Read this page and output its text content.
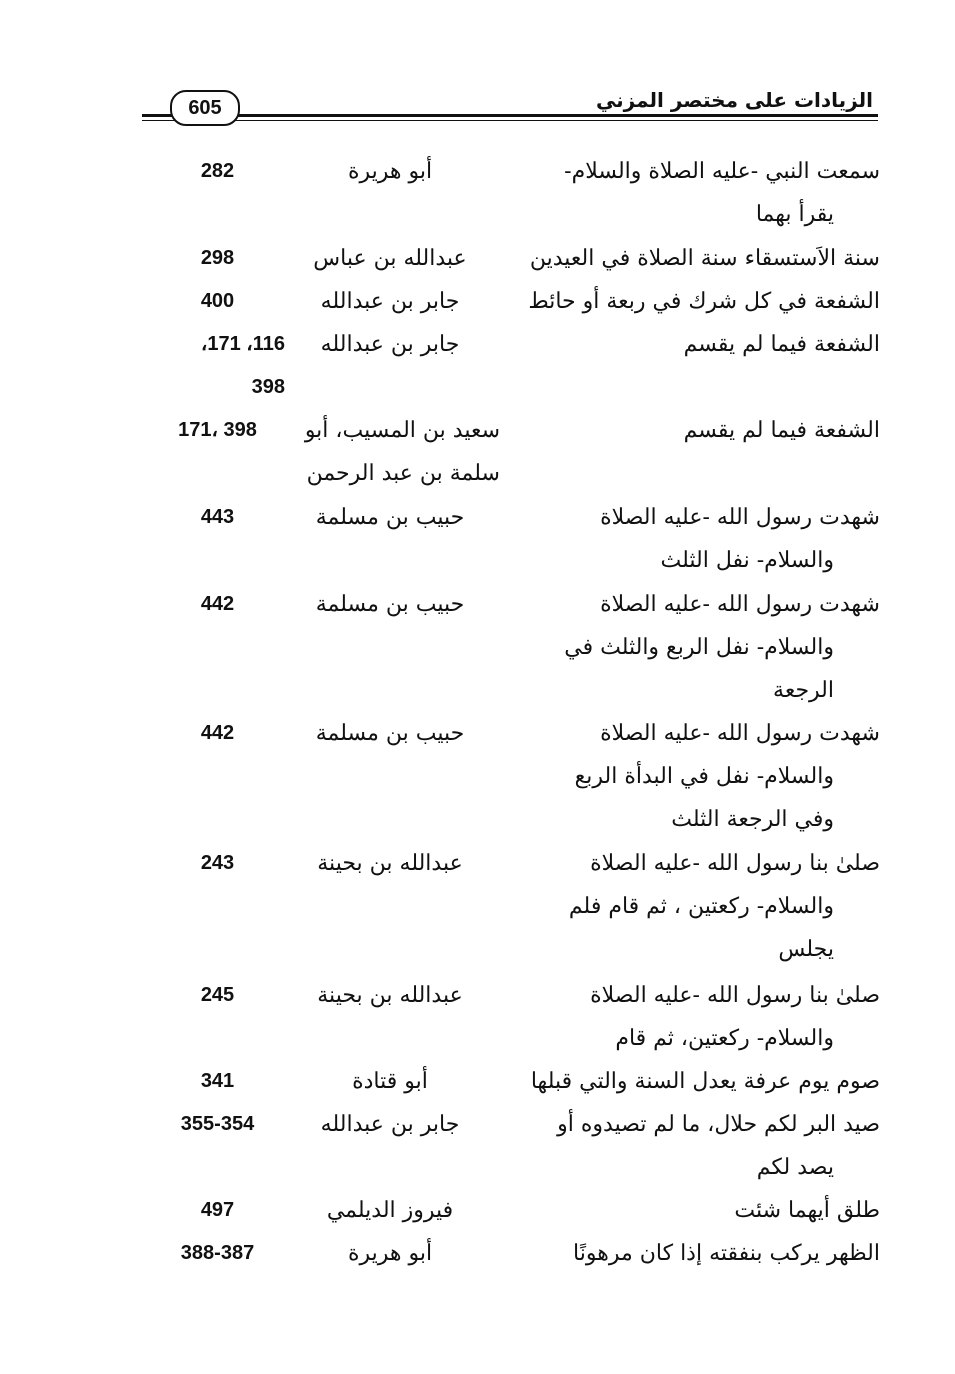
الزيادات على مختصر المزني
605
سمعت النبي -عليه الصلاة والسلام-
يقرأ بهما
أبو هريرة
282
سنة الاَستسقاء سنة الصلاة في العيدين
عبدالله بن عباس
298
الشفعة في كل شرك في ربعة أو حائط
جابر بن عبدالله
الشفعة فيما لم يقسم
جابر بن عبدالله
116، 171،
398
400
الشفعة فيما لم يقسم
سعيد بن المسيب، أبو
سلمة بن عبد الرحمن
171، 398
شهدت رسول الله -عليه الصلاة
والسلام- نفل الثلث
حبيب بن مسلمة
443
شهدت رسول الله -عليه الصلاة
والسلام- نفل الربع والثلث في
الرجعة
حبيب بن مسلمة
442
شهدت رسول الله -عليه الصلاة
والسلام- نفل في البدأة الربع
وفي الرجعة الثلث
حبيب بن مسلمة
442
صلىٰ بنا رسول الله -عليه الصلاة
والسلام- ركعتين ، ثم قام فلم
يجلس
عبدالله بن بحينة
243
صلىٰ بنا رسول الله -عليه الصلاة
والسلام- ركعتين، ثم قام
عبدالله بن بحينة
245
صوم يوم عرفة يعدل السنة والتي قبلها
أبو قتادة
341
صيد البر لكم حلال، ما لم تصيدوه أو
يصد لكم
جابر بن عبدالله
355-354
طلق أيهما شئت
فيروز الديلمي
497
الظهر يركب بنفقته إذا كان مرهونًا
أبو هريرة
388-387
